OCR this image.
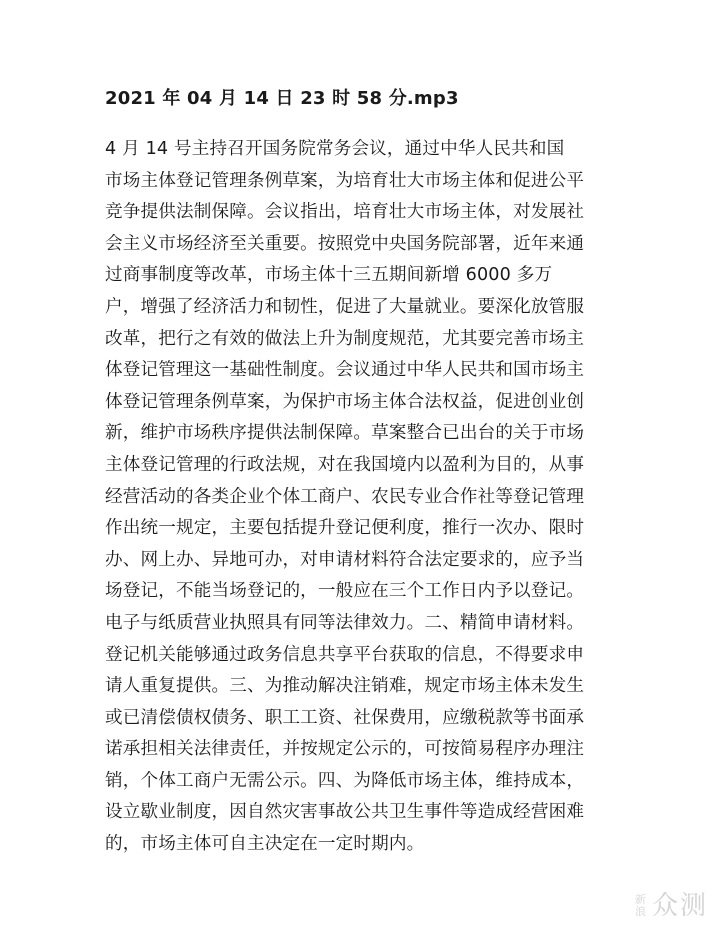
2021 年 04 月 14 日 23 时 58 分.mp3
4 月 14 号主持召开国务院常务会议，通过中华人民共和国
市场主体登记管理条例草案，为培育壮大市场主体和促进公平
竞争提供法制保障。会议指出，培育壮大市场主体，对发展社
会主义市场经济至关重要。按照党中央国务院部署，近年来通
过商事制度等改革，市场主体十三五期间新增 6000 多万
户，增强了经济活力和韧性，促进了大量就业。要深化放管服
改革，把行之有效的做法上升为制度规范，尤其要完善市场主
体登记管理这一基础性制度。会议通过中华人民共和国市场主
体登记管理条例草案，为保护市场主体合法权益，促进创业创
新，维护市场秩序提供法制保障。草案整合已出台的关于市场
主体登记管理的行政法规，对在我国境内以盈利为目的，从事
经营活动的各类企业个体工商户、农民专业合作社等登记管理
作出统一规定，主要包括提升登记便利度，推行一次办、限时
办、网上办、异地可办，对申请材料符合法定要求的，应予当
场登记，不能当场登记的，一般应在三个工作日内予以登记。
电子与纸质营业执照具有同等法律效力。二、精简申请材料。
登记机关能够通过政务信息共享平台获取的信息，不得要求申
请人重复提供。三、为推动解决注销难，规定市场主体未发生
或已清偿债权债务、职工工资、社保费用，应缴税款等书面承
诺承担相关法律责任，并按规定公示的，可按简易程序办理注
销，个体工商户无需公示。四、为降低市场主体，维持成本，
设立歇业制度，因自然灾害事故公共卫生事件等造成经营困难
的，市场主体可自主决定在一定时期内。
新
浪 众测
